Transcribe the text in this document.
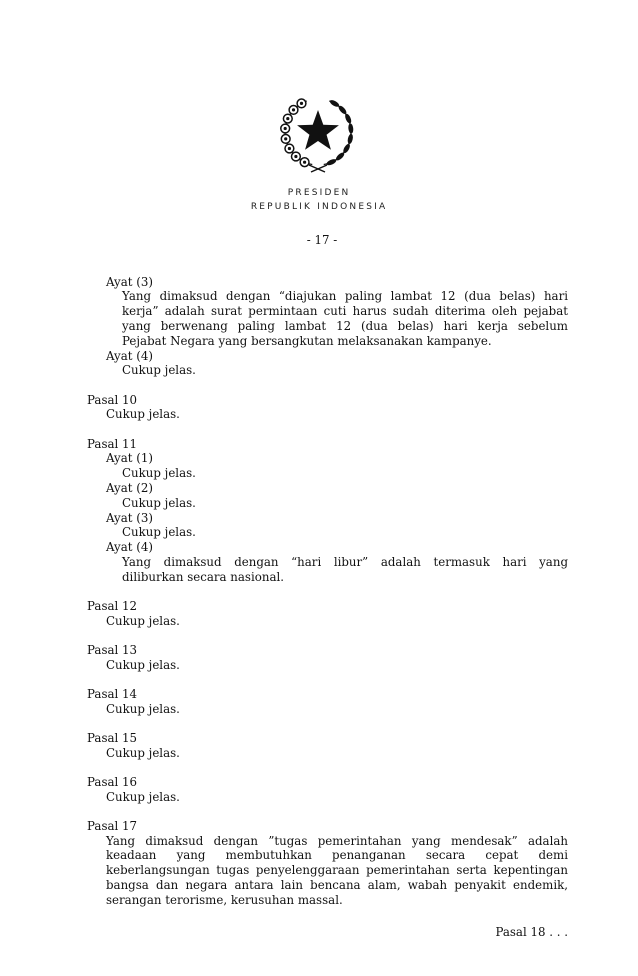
PRESIDEN
REPUBLIK INDONESIA
- 17 -
Ayat (3)
Yang dimaksud dengan “diajukan paling lambat 12 (dua belas) hari
kerja” adalah surat permintaan cuti harus sudah diterima oleh pejabat
yang berwenang paling lambat 12 (dua belas) hari kerja sebelum
Pejabat Negara yang bersangkutan melaksanakan kampanye.
Ayat (4)
Cukup jelas.
Pasal 10
Cukup jelas.
Pasal 11
Ayat (1)
Cukup jelas.
Ayat (2)
Cukup jelas.
Ayat (3)
Cukup jelas.
Ayat (4)
Yang dimaksud dengan “hari libur” adalah termasuk hari yang
diliburkan secara nasional.
Pasal 12
Cukup jelas.
Pasal 13
Cukup jelas.
Pasal 14
Cukup jelas.
Pasal 15
Cukup jelas.
Pasal 16
Cukup jelas.
Pasal 17
Yang dimaksud dengan ”tugas pemerintahan yang mendesak” adalah
keadaan yang membutuhkan penanganan secara cepat demi
keberlangsungan tugas penyelenggaraan pemerintahan serta kepentingan
bangsa dan negara antara lain bencana alam, wabah penyakit endemik,
serangan terorisme, kerusuhan massal.
Pasal 18 . . .
